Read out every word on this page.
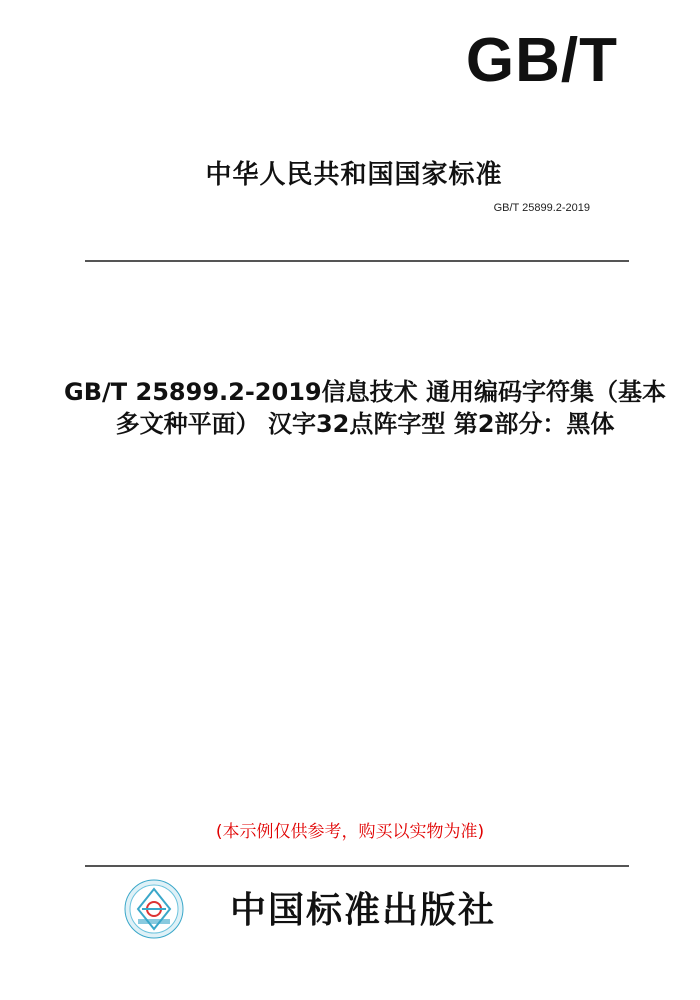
GB/T
中华人民共和国国家标准
GB/T 25899.2-2019
GB/T 25899.2-2019信息技术 通用编码字符集（基本多文种平面） 汉字32点阵字型 第2部分：黑体
(本示例仅供参考，购买以实物为准)
中国标准出版社
